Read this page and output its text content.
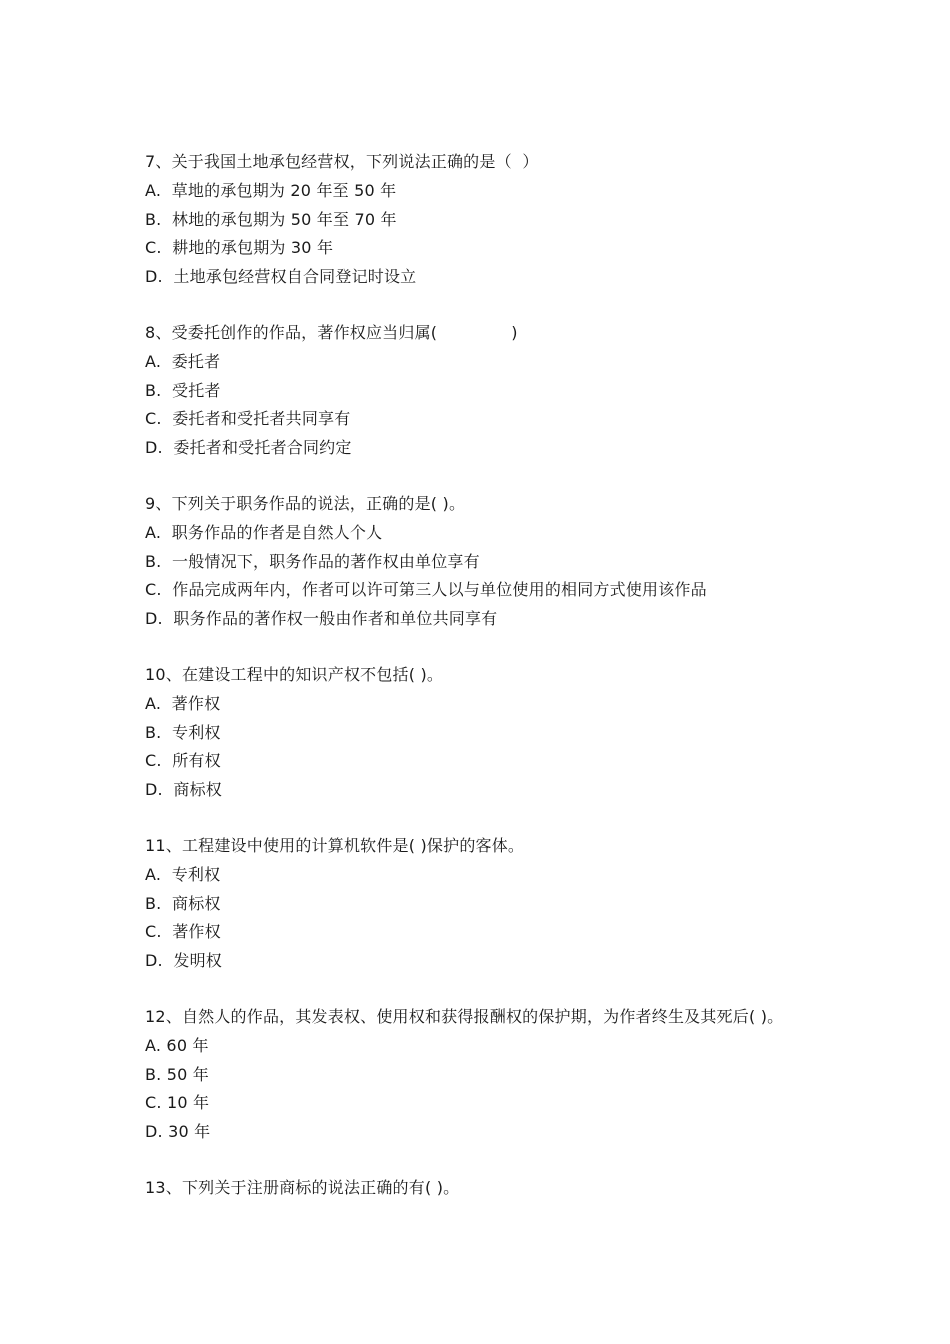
7、关于我国土地承包经营权，下列说法正确的是（  ）
A.  草地的承包期为 20 年至 50 年
B.  林地的承包期为 50 年至 70 年
C.  耕地的承包期为 30 年
D.  土地承包经营权自合同登记时设立
8、受委托创作的作品，著作权应当归属(              )
A.  委托者
B.  受托者
C.  委托者和受托者共同享有
D.  委托者和受托者合同约定
9、下列关于职务作品的说法，正确的是( )。
A.  职务作品的作者是自然人个人
B.  一般情况下，职务作品的著作权由单位享有
C.  作品完成两年内，作者可以许可第三人以与单位使用的相同方式使用该作品
D.  职务作品的著作权一般由作者和单位共同享有
10、在建设工程中的知识产权不包括( )。
A.  著作权
B.  专利权
C.  所有权
D.  商标权
11、工程建设中使用的计算机软件是( )保护的客体。
A.  专利权
B.  商标权
C.  著作权
D.  发明权
12、自然人的作品，其发表权、使用权和获得报酬权的保护期，为作者终生及其死后( )。
A. 60 年
B. 50 年
C. 10 年
D. 30 年
13、下列关于注册商标的说法正确的有( )。
